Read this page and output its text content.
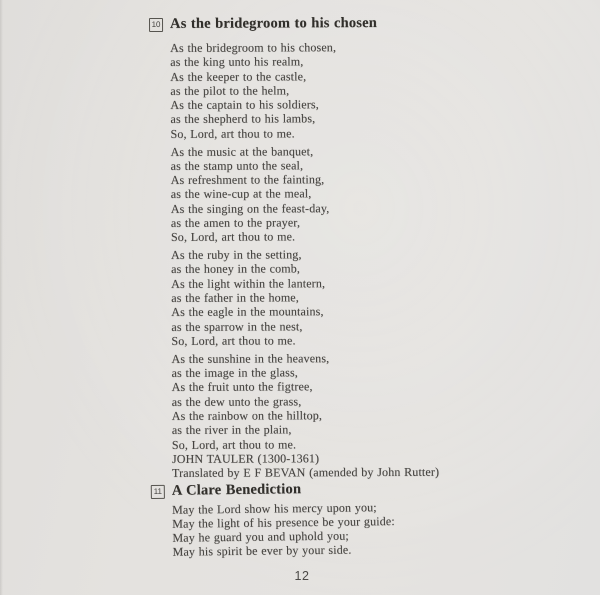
10 As the bridegroom to his chosen

As the bridegroom to his chosen,
as the king unto his realm,
As the keeper to the castle,
as the pilot to the helm,
As the captain to his soldiers,
as the shepherd to his lambs,
So, Lord, art thou to me.

As the music at the banquet,
as the stamp unto the seal,
As refreshment to the fainting,
as the wine-cup at the meal,
As the singing on the feast-day,
as the amen to the prayer,
So, Lord, art thou to me.

As the ruby in the setting,
as the honey in the comb,
As the light within the lantern,
as the father in the home,
As the eagle in the mountains,
as the sparrow in the nest,
So, Lord, art thou to me.

As the sunshine in the heavens,
as the image in the glass,
As the fruit unto the figtree,
as the dew unto the grass,
As the rainbow on the hilltop,
as the river in the plain,
So, Lord, art thou to me.

JOHN TAULER (1300-1361)
Translated by E F BEVAN (amended by John Rutter)
11 A Clare Benediction

May the Lord show his mercy upon you;
May the light of his presence be your guide:
May he guard you and uphold you;
May his spirit be ever by your side.

12
